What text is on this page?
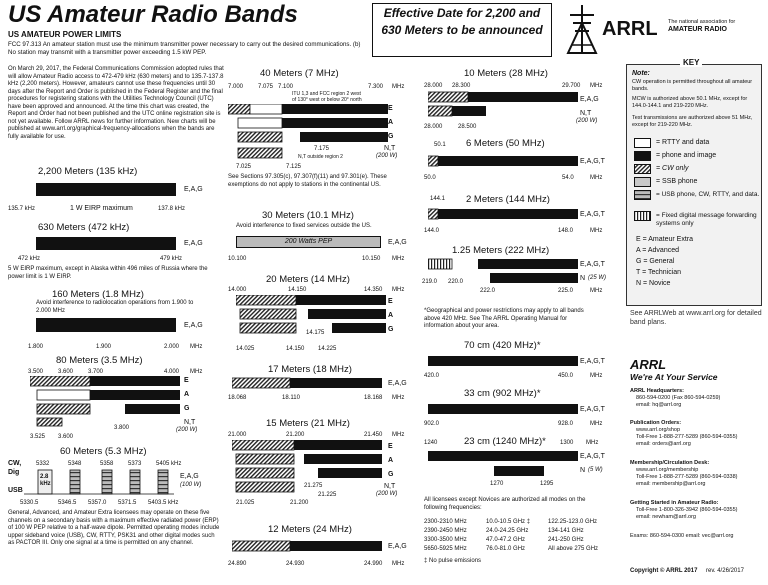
US Amateur Radio Bands
US AMATEUR POWER LIMITS
FCC 97.313 An amateur station must use the minimum transmitter power necessary to carry out the desired communications. (b) No station may transmit with a transmitter power exceeding 1.5 kW PEP.
Effective Date for 2,200 and 630 Meters to be announced	ARRL The national association for
AMATEUR RADIO
On March 29, 2017, the Federal Communications Commission adopted rules that will allow Amateur Radio access to 472-479 kHz (630 meters) and to 135.7-137.8 kHz (2,200 meters). However, amateurs cannot use these frequencies until 30 days after the Report and Order is published in the Federal Register and the final procedures for registering stations with the Utilities Technology Council (UTC) have been approved and announced. At the time this chart was created, the Report and Order had not been published and the UTC online registration site is not yet available. Follow ARRL news for further information. New charts will be published at www.arrl.org/graphical-frequency-allocations when the bands are fully available for use.
2,200 Meters (135 kHz)
E,A,G
135.7 kHz	1 W EIRP maximum	137.8 kHz
630 Meters (472 kHz)
E,A,G
472 kHz	479 kHz
5 W EIRP maximum, except in Alaska within 496 miles of Russia where the power limit is 1 W EIRP.
160 Meters (1.8 MHz)
Avoid interference to radiolocation operations from 1.900 to 2.000 MHz
E,A,G
1.800	1.900	2.000 MHz
80 Meters (3.5 MHz)
3.500 3.600 3.700	4.000 MHz
E
A
G
N,T
(200 W)
3.525 3.600
3.800
60 Meters (5.3 MHz)
CW,
Dig
USB
5332	5348	5358 5373 5405 kHz
2.8
kHz
E,A,G
(100 W)
5330.5	5346.5 5357.0 5371.5 5403.5 kHz
General, Advanced, and Amateur Extra licensees may operate on these five channels on a secondary basis with a maximum effective radiated power (ERP) of 100 W PEP relative to a half-wave dipole. Permitted operating modes include upper sideband voice (USB), CW, RTTY, PSK31 and other digital modes such as PACTOR III. Only one signal at a time is permitted on any channel.
40 Meters (7 MHz)
7.000 7.075 7.100	7.300 MHz
ITU 1,3 and FCC region 2 west of 130° west or below 20° north
7.175
N,T outside region 2
E
A
G
N,T
(200 W)
7.025	7.125
See Sections 97.305(c), 97.307(f)(11) and 97.301(e). These exemptions do not apply to stations in the continental US.
30 Meters (10.1 MHz)
Avoid interference to fixed services outside the US.
200 Watts PEP	E,A,G
10.100	10.150 MHz
20 Meters (14 MHz)
14.000	14.150	14.350 MHz
E
A
G
14.175
14.025	14.150 14.225
17 Meters (18 MHz)
E,A,G
18.068	18.110	18.168 MHz
15 Meters (21 MHz)
21.000	21.200	21.450 MHz
E
A
G
N,T
(200 W)
21.275
21.225
21.025	21.200
12 Meters (24 MHz)
E,A,G
24.890	24.930	24.990 MHz
10 Meters (28 MHz)
28.000 28.300	29.700 MHz
E,A,G
N,T
(200 W)
28.000	28.500
6 Meters (50 MHz)
50.1
E,A,G,T
50.0	54.0	MHz
2 Meters (144 MHz)
144.1
E,A,G,T
144.0	148.0	MHz
1.25 Meters (222 MHz)
E,A,G,T
N (25 W)
219.0 220.0
222.0	225.0	MHz
*Geographical and power restrictions may apply to all bands above 420 MHz. See The ARRL Operating Manual for information about your area.
70 cm (420 MHz)*
E,A,G,T
420.0	450.0	MHz
33 cm (902 MHz)*
E,A,G,T
902.0	928.0	MHz
23 cm (1240 MHz)*
1240	1300 MHz
E,A,G,T
N (5 W)
1270	1295
All licensees except Novices are authorized all modes on the following frequencies:
2300-2310 MHz	10.0-10.5 GHz ‡	122.25-123.0 GHz
2390-2450 MHz	24.0-24.25 GHz	134-141 GHz
3300-3500 MHz	47.0-47.2 GHz	241-250 GHz
5650-5925 MHz	76.0-81.0 GHz	All above 275 GHz
‡ No pulse emissions
KEY
Note:
CW operation is permitted throughout all amateur bands.
MCW is authorized above 50.1 MHz, except for 144.0-144.1 and 219-220 MHz.
Test transmissions are authorized above 51 MHz, except for 219-220 MHz.
= RTTY and data
= phone and image
= CW only
= SSB phone
= USB phone, CW, RTTY, and data.
= Fixed digital message forwarding systems only
E = Amateur Extra
A = Advanced
G = General
T = Technician
N = Novice
See ARRLWeb at www.arrl.org for detailed band plans.
ARRL
We're At Your Service
ARRL Headquarters:
860-594-0200 (Fax 860-594-0259)
email: hq@arrl.org
Publication Orders:
www.arrl.org/shop
Toll-Free 1-888-277-5289 (860-594-0355)
email: orders@arrl.org
Membership/Circulation Desk:
www.arrl.org/membership
Toll-Free 1-888-277-5289 (860-594-0338)
email: membership@arrl.org
Getting Started in Amateur Radio:
Toll-Free 1-800-326-3942 (860-594-0355)
email: newham@arrl.org
Exams: 860-594-0300 email: vec@arrl.org
Copyright © ARRL 2017 rev. 4/26/2017
